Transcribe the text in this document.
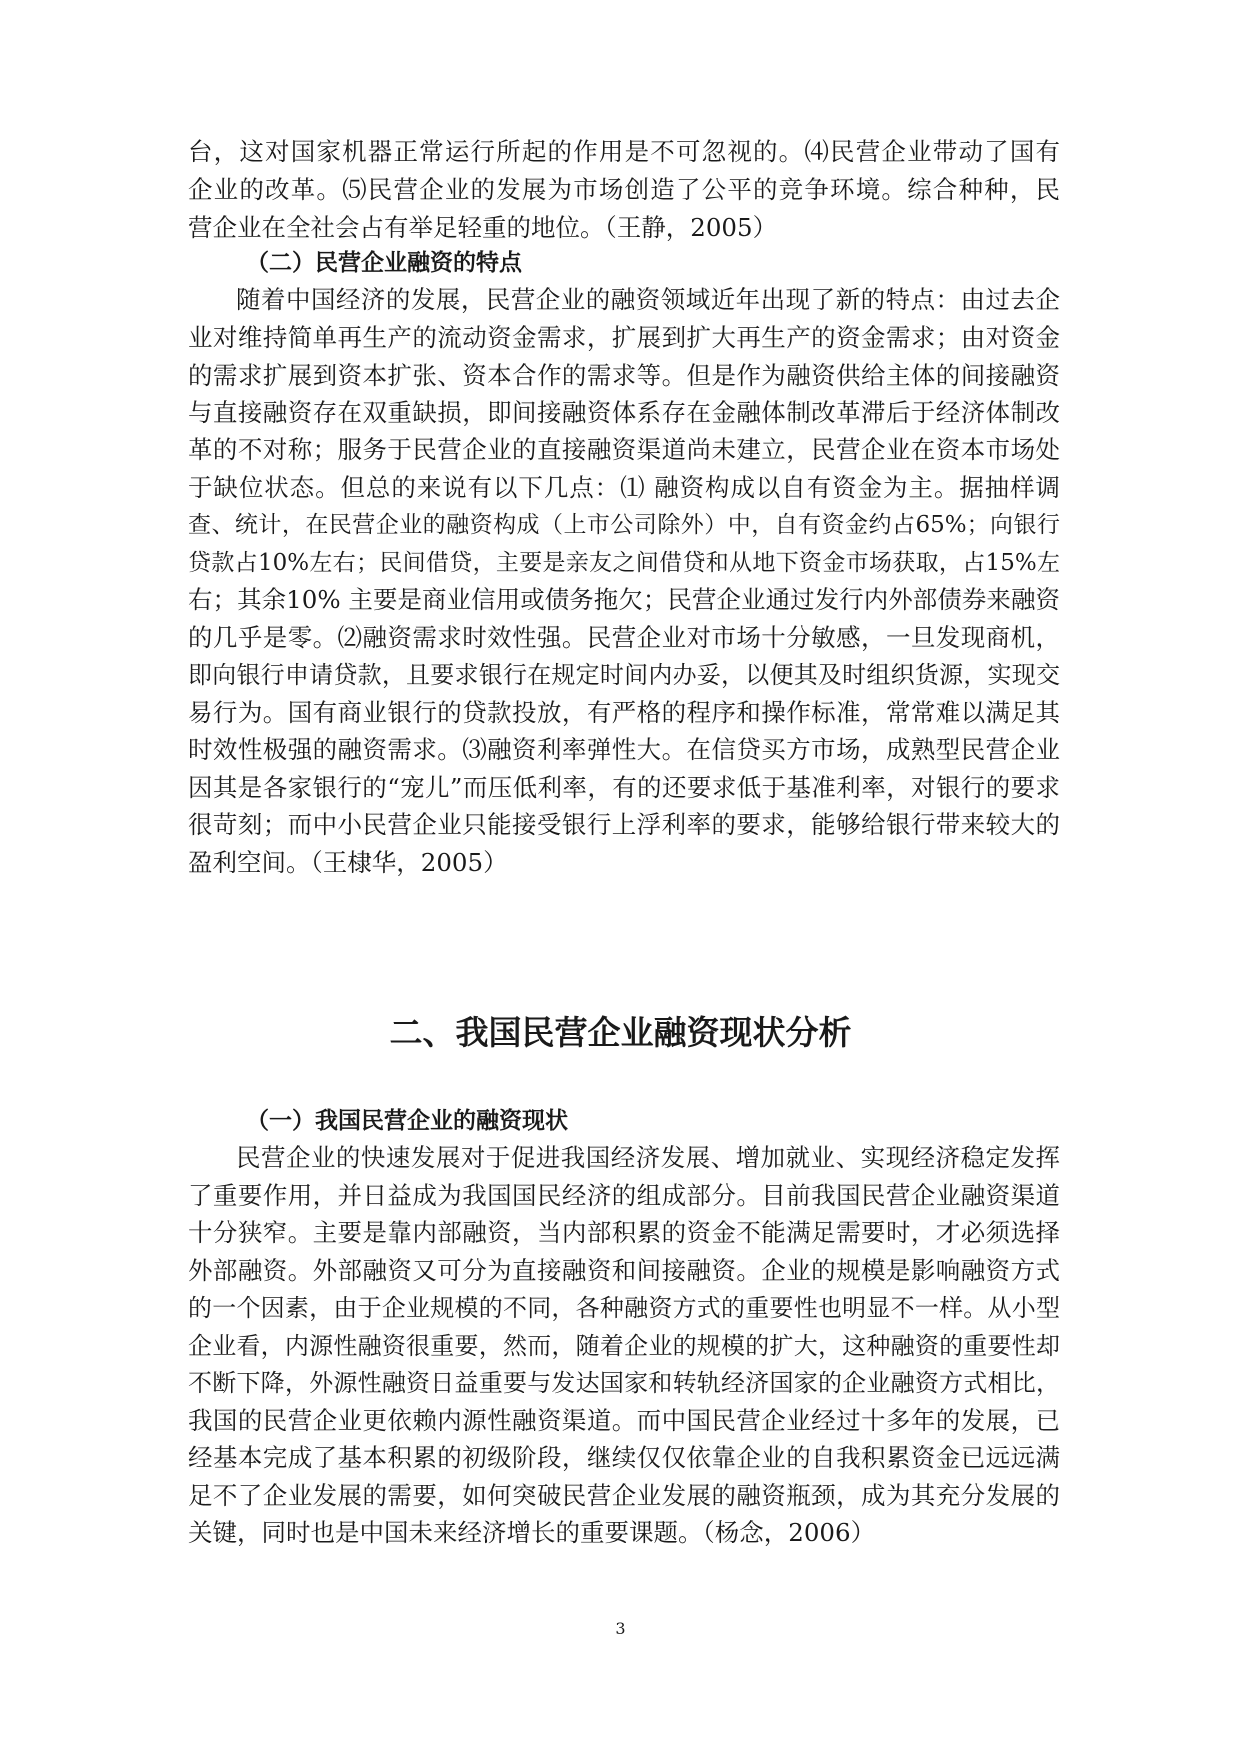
台，这对国家机器正常运行所起的作用是不可忽视的。⑷民营企业带动了国有
企业的改革。⑸民营企业的发展为市场创造了公平的竞争环境。综合种种，民
营企业在全社会占有举足轻重的地位。（王静，2005）
（二）民营企业融资的特点
随着中国经济的发展，民营企业的融资领域近年出现了新的特点：由过去企
业对维持简单再生产的流动资金需求，扩展到扩大再生产的资金需求；由对资金
的需求扩展到资本扩张、资本合作的需求等。但是作为融资供给主体的间接融资
与直接融资存在双重缺损，即间接融资体系存在金融体制改革滞后于经济体制改
革的不对称；服务于民营企业的直接融资渠道尚未建立，民营企业在资本市场处
于缺位状态。但总的来说有以下几点：⑴ 融资构成以自有资金为主。据抽样调
查、统计，在民营企业的融资构成（上市公司除外）中，自有资金约占65%；向银行
贷款占10%左右；民间借贷，主要是亲友之间借贷和从地下资金市场获取，占15%左
右；其余10% 主要是商业信用或债务拖欠；民营企业通过发行内外部债券来融资
的几乎是零。⑵融资需求时效性强。民营企业对市场十分敏感，一旦发现商机，
即向银行申请贷款，且要求银行在规定时间内办妥，以便其及时组织货源，实现交
易行为。国有商业银行的贷款投放，有严格的程序和操作标准，常常难以满足其
时效性极强的融资需求。⑶融资利率弹性大。在信贷买方市场，成熟型民营企业
因其是各家银行的“宠儿”而压低利率，有的还要求低于基准利率，对银行的要求
很苛刻；而中小民营企业只能接受银行上浮利率的要求，能够给银行带来较大的
盈利空间。（王棣华，2005）
二、我国民营企业融资现状分析
（一）我国民营企业的融资现状
民营企业的快速发展对于促进我国经济发展、增加就业、实现经济稳定发挥
了重要作用，并日益成为我国国民经济的组成部分。目前我国民营企业融资渠道
十分狭窄。主要是靠内部融资，当内部积累的资金不能满足需要时，才必须选择
外部融资。外部融资又可分为直接融资和间接融资。企业的规模是影响融资方式
的一个因素，由于企业规模的不同，各种融资方式的重要性也明显不一样。从小型
企业看，内源性融资很重要，然而，随着企业的规模的扩大，这种融资的重要性却
不断下降，外源性融资日益重要与发达国家和转轨经济国家的企业融资方式相比，
我国的民营企业更依赖内源性融资渠道。而中国民营企业经过十多年的发展，已
经基本完成了基本积累的初级阶段，继续仅仅依靠企业的自我积累资金已远远满
足不了企业发展的需要，如何突破民营企业发展的融资瓶颈，成为其充分发展的
关键，同时也是中国未来经济增长的重要课题。（杨念，2006）
3
